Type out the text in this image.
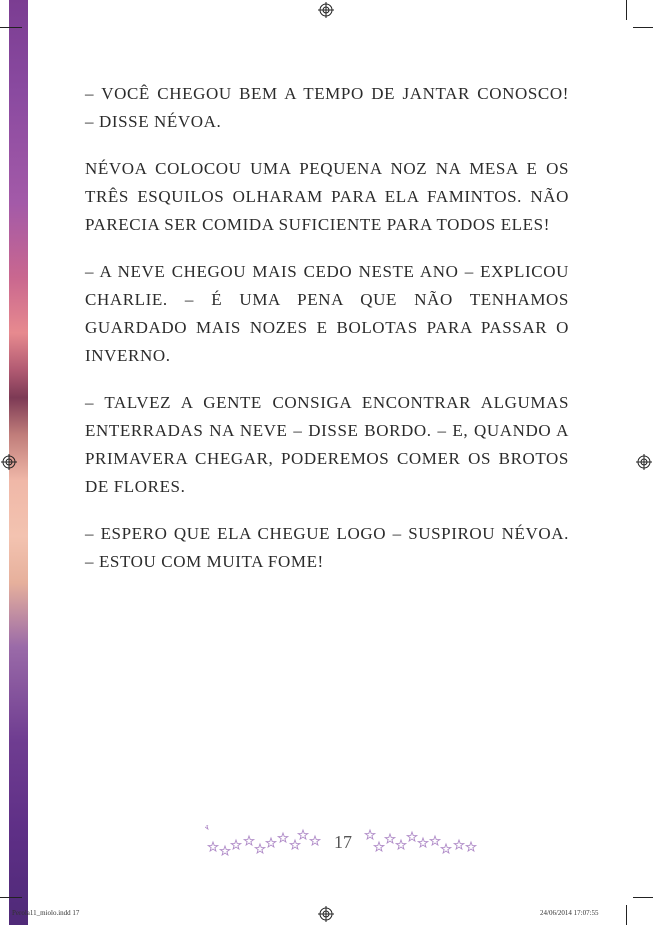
– VOCÊ CHEGOU BEM A TEMPO DE JANTAR CONOSCO!
– DISSE NÉVOA.

NÉVOA COLOCOU UMA PEQUENA NOZ NA MESA E OS
TRÊS ESQUILOS OLHARAM PARA ELA FAMINTOS. NÃO
PARECIA SER COMIDA SUFICIENTE PARA TODOS ELES!

– A NEVE CHEGOU MAIS CEDO NESTE ANO – EXPLICOU
CHARLIE. – É UMA PENA QUE NÃO TENHAMOS
GUARDADO MAIS NOZES E BOLOTAS PARA PASSAR O
INVERNO.

– TALVEZ A GENTE CONSIGA ENCONTRAR ALGUMAS
ENTERRADAS NA NEVE – DISSE BORDO. – E, QUANDO A
PRIMAVERA CHEGAR, PODEREMOS COMER OS BROTOS
DE FLORES.

– ESPERO QUE ELA CHEGUE LOGO – SUSPIROU NÉVOA.
– ESTOU COM MUITA FOME!

17
Perola11_miolo.indd 17	24/06/2014 17:07:55
